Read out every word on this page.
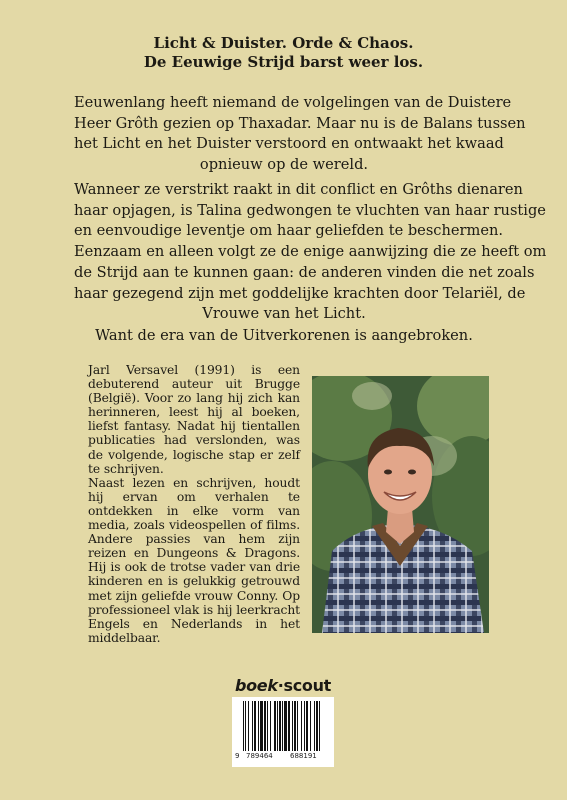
Licht & Duister. Orde & Chaos.
De Eeuwige Strijd barst weer los.
Eeuwenlang heeft niemand de volgelingen van de Duistere
Heer Grôth gezien op Thaxadar. Maar nu is de Balans tussen
het Licht en het Duister verstoord en ontwaakt het kwaad
opnieuw op de wereld.
Wanneer ze verstrikt raakt in dit conflict en Grôths dienaren
haar opjagen, is Talina gedwongen te vluchten van haar rustige
en eenvoudige leventje om haar geliefden te beschermen.
Eenzaam en alleen volgt ze de enige aanwijzing die ze heeft om
de Strijd aan te kunnen gaan: de anderen vinden die net zoals
haar gezegend zijn met goddelijke krachten door Telariël, de
Vrouwe van het Licht.
Want de era van de Uitverkorenen is aangebroken.
Jarl Versavel (1991) is een debuterend auteur uit Brugge (België). Voor zo lang hij zich kan herinneren, leest hij al boeken, liefst fantasy. Nadat hij tientallen publicaties had verslonden, was de volgende, logische stap er zelf te schrijven.
Naast lezen en schrijven, houdt hij ervan om verhalen te ontdekken in elke vorm van media, zoals videospellen of films. Andere passies van hem zijn reizen en Dungeons & Dragons. Hij is ook de trotse vader van drie kinderen en is gelukkig getrouwd met zijn geliefde vrouw Conny. Op professioneel vlak is hij leerkracht Engels en Nederlands in het middelbaar.
boek·scout
9 789464 688191
